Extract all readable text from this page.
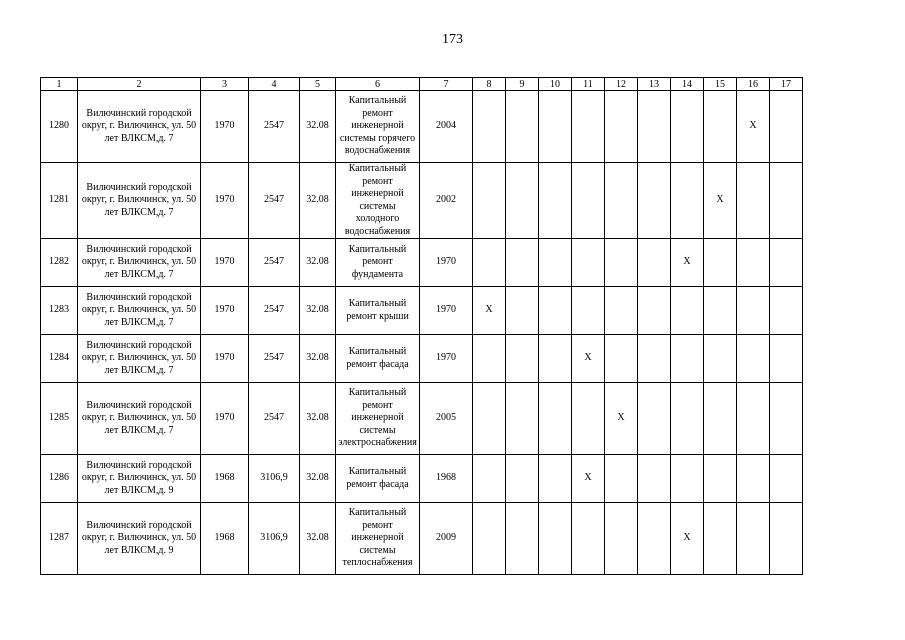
173
1	2	3	4	5	6	7	8	9	10	11	12	13	14	15	16	17
1280	Вилючинский городской округ, г. Вилючинск, ул. 50 лет ВЛКСМ,д. 7	1970	2547	32.08	Капитальный ремонт инженерной системы горячего водоснабжения	2004									X	
1281	Вилючинский городской округ, г. Вилючинск, ул. 50 лет ВЛКСМ,д. 7	1970	2547	32.08	Капитальный ремонт инженерной системы холодного водоснабжения	2002								X		
1282	Вилючинский городской округ, г. Вилючинск, ул. 50 лет ВЛКСМ,д. 7	1970	2547	32.08	Капитальный ремонт фундамента	1970							X			
1283	Вилючинский городской округ, г. Вилючинск, ул. 50 лет ВЛКСМ,д. 7	1970	2547	32.08	Капитальный ремонт крыши	1970	X									
1284	Вилючинский городской округ, г. Вилючинск, ул. 50 лет ВЛКСМ,д. 7	1970	2547	32.08	Капитальный ремонт фасада	1970				X						
1285	Вилючинский городской округ, г. Вилючинск, ул. 50 лет ВЛКСМ,д. 7	1970	2547	32.08	Капитальный ремонт инженерной системы электроснабжения	2005					X					
1286	Вилючинский городской округ, г. Вилючинск, ул. 50 лет ВЛКСМ,д. 9	1968	3106,9	32.08	Капитальный ремонт фасада	1968				X						
1287	Вилючинский городской округ, г. Вилючинск, ул. 50 лет ВЛКСМ,д. 9	1968	3106,9	32.08	Капитальный ремонт инженерной системы теплоснабжения	2009							X			
